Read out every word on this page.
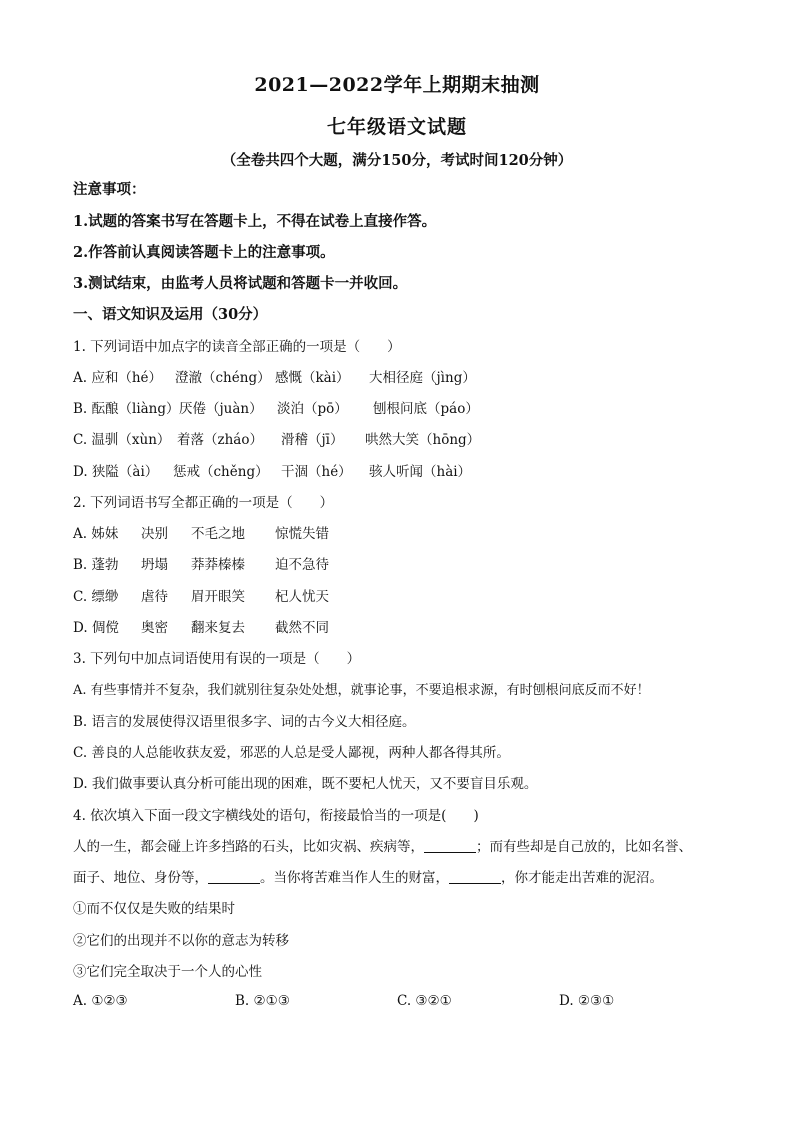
2021—2022学年上期期末抽测
七年级语文试题
（全卷共四个大题，满分150分，考试时间120分钟）
注意事项：
1.试题的答案书写在答题卡上，不得在试卷上直接作答。
2.作答前认真阅读答题卡上的注意事项。
3.测试结束，由监考人员将试题和答题卡一并收回。
一、语文知识及运用（30分）
1. 下列词语中加点字的读音全部正确的一项是（　　）
A. 应和（hé） 澄澈（chéng） 感慨（kài）	大相径庭（jìng）
B. 酝酿（liàng） 厌倦（juàn）	淡泊（pō）	刨根问底（páo）
C. 温驯（xùn） 着落（zháo）	滑稽（jī）	哄然大笑（hōng）
D. 狭隘（ài）	惩戒（chěng） 干涸（hé）	骇人听闻（hài）
2. 下列词语书写全都正确的一项是（　　）
A. 姊妹	决别	不毛之地	惊慌失错
B. 蓬勃	坍塌	莽莽榛榛	迫不急待
C. 缥缈	虐待	眉开眼笑	杞人忧天
D. 倜傥	奥密	翻来复去	截然不同
3. 下列句中加点词语使用有误的一项是（　　）
A. 有些事情并不复杂，我们就别往复杂处处想，就事论事，不要追根求源，有时刨根问底反而不好！
B. 语言的发展使得汉语里很多字、词的古今义大相径庭。
C. 善良的人总能收获友爱，邪恶的人总是受人鄙视，两种人都各得其所。
D. 我们做事要认真分析可能出现的困难，既不要杞人忧天，又不要盲目乐观。
4. 依次填入下面一段文字横线处的语句，衔接最恰当的一项是(　　)
人的一生，都会碰上许多挡路的石头，比如灾祸、疾病等，	；而有些却是自己放的，比如名誉、
面子、地位、身份等，	。当你将苦难当作人生的财富，	，你才能走出苦难的泥沼。
①而不仅仅是失败的结果时
②它们的出现并不以你的意志为转移
③它们完全取决于一个人的心性
A. ①②③	B. ②①③	C. ③②①	D. ②③①
